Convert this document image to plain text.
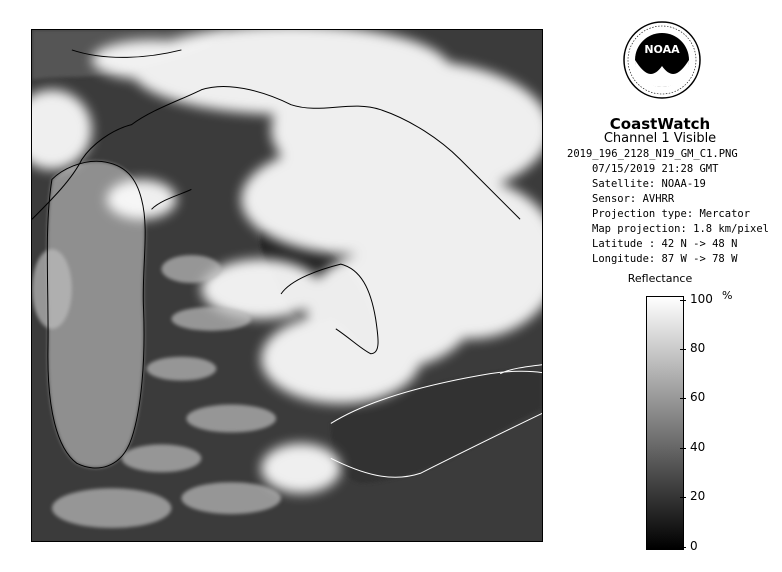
NOAA
CoastWatch
Channel 1 Visible
2019_196_2128_N19_GM_C1.PNG
07/15/2019 21:28 GMT
Satellite: NOAA-19
Sensor: AVHRR
Projection type: Mercator
Map projection: 1.8 km/pixel
Latitude : 42 N -> 48 N
Longitude: 87 W -> 78 W
Reflectance
%
100
80
60
40
20
0
